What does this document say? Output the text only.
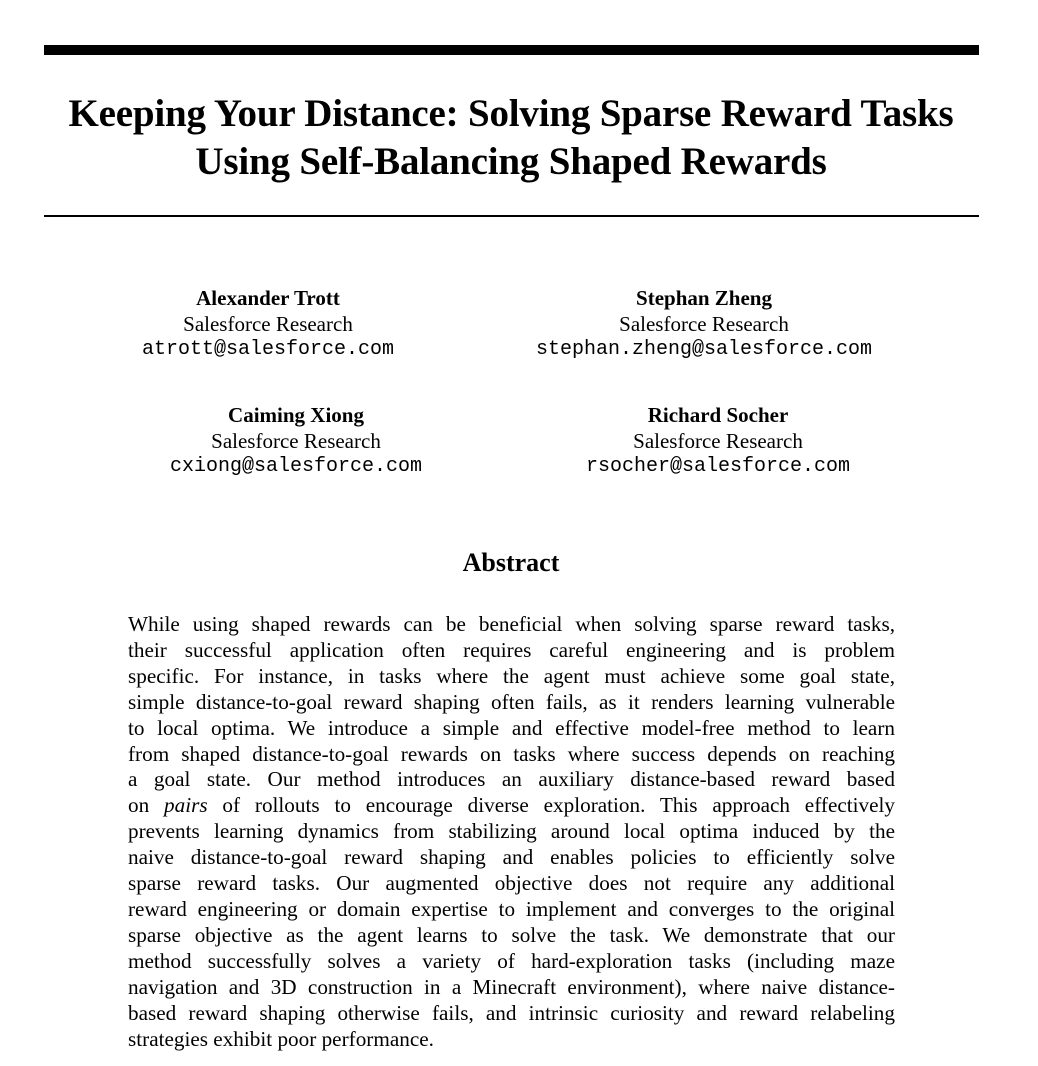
Keeping Your Distance: Solving Sparse Reward Tasks
Using Self-Balancing Shaped Rewards
Alexander Trott
Salesforce Research
atrott@salesforce.com
Stephan Zheng
Salesforce Research
stephan.zheng@salesforce.com
Caiming Xiong
Salesforce Research
cxiong@salesforce.com
Richard Socher
Salesforce Research
rsocher@salesforce.com
Abstract
While using shaped rewards can be beneficial when solving sparse reward tasks,
their successful application often requires careful engineering and is problem
specific. For instance, in tasks where the agent must achieve some goal state,
simple distance-to-goal reward shaping often fails, as it renders learning vulnerable
to local optima. We introduce a simple and effective model-free method to learn
from shaped distance-to-goal rewards on tasks where success depends on reaching
a goal state. Our method introduces an auxiliary distance-based reward based
on pairs of rollouts to encourage diverse exploration. This approach effectively
prevents learning dynamics from stabilizing around local optima induced by the
naive distance-to-goal reward shaping and enables policies to efficiently solve
sparse reward tasks. Our augmented objective does not require any additional
reward engineering or domain expertise to implement and converges to the original
sparse objective as the agent learns to solve the task. We demonstrate that our
method successfully solves a variety of hard-exploration tasks (including maze
navigation and 3D construction in a Minecraft environment), where naive distance-
based reward shaping otherwise fails, and intrinsic curiosity and reward relabeling
strategies exhibit poor performance.
